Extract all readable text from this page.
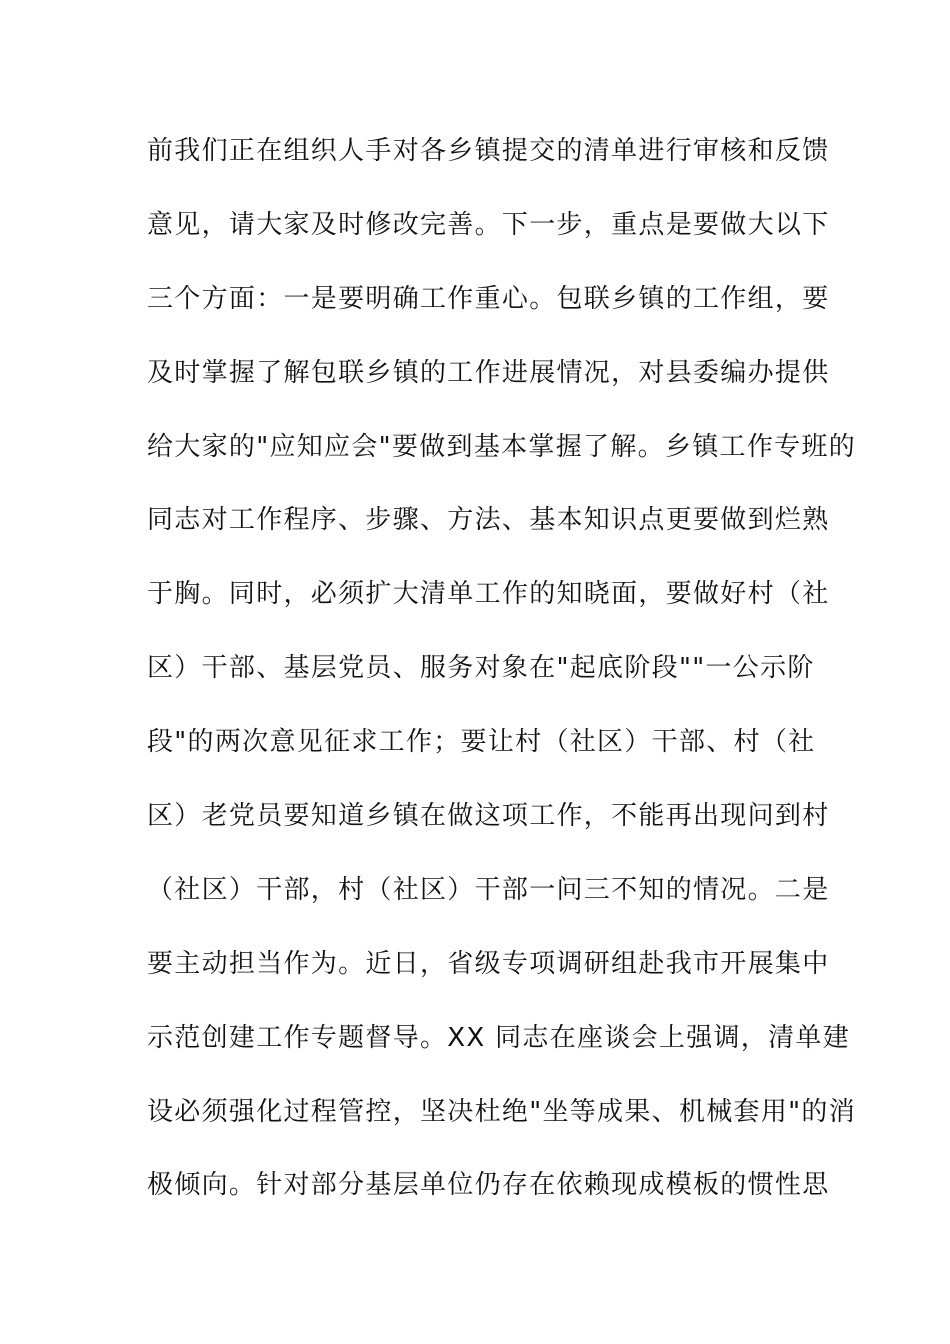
前我们正在组织人手对各乡镇提交的清单进行审核和反馈
意见，请大家及时修改完善。下一步，重点是要做大以下
三个方面：一是要明确工作重心。包联乡镇的工作组，要
及时掌握了解包联乡镇的工作进展情况，对县委编办提供
给大家的"应知应会"要做到基本掌握了解。乡镇工作专班的
同志对工作程序、步骤、方法、基本知识点更要做到烂熟
于胸。同时，必须扩大清单工作的知晓面，要做好村（社
区）干部、基层党员、服务对象在"起底阶段""一公示阶
段"的两次意见征求工作；要让村（社区）干部、村（社
区）老党员要知道乡镇在做这项工作，不能再出现问到村
（社区）干部，村（社区）干部一问三不知的情况。二是
要主动担当作为。近日，省级专项调研组赴我市开展集中
示范创建工作专题督导。XX 同志在座谈会上强调，清单建
设必须强化过程管控，坚决杜绝"坐等成果、机械套用"的消
极倾向。针对部分基层单位仍存在依赖现成模板的惯性思
